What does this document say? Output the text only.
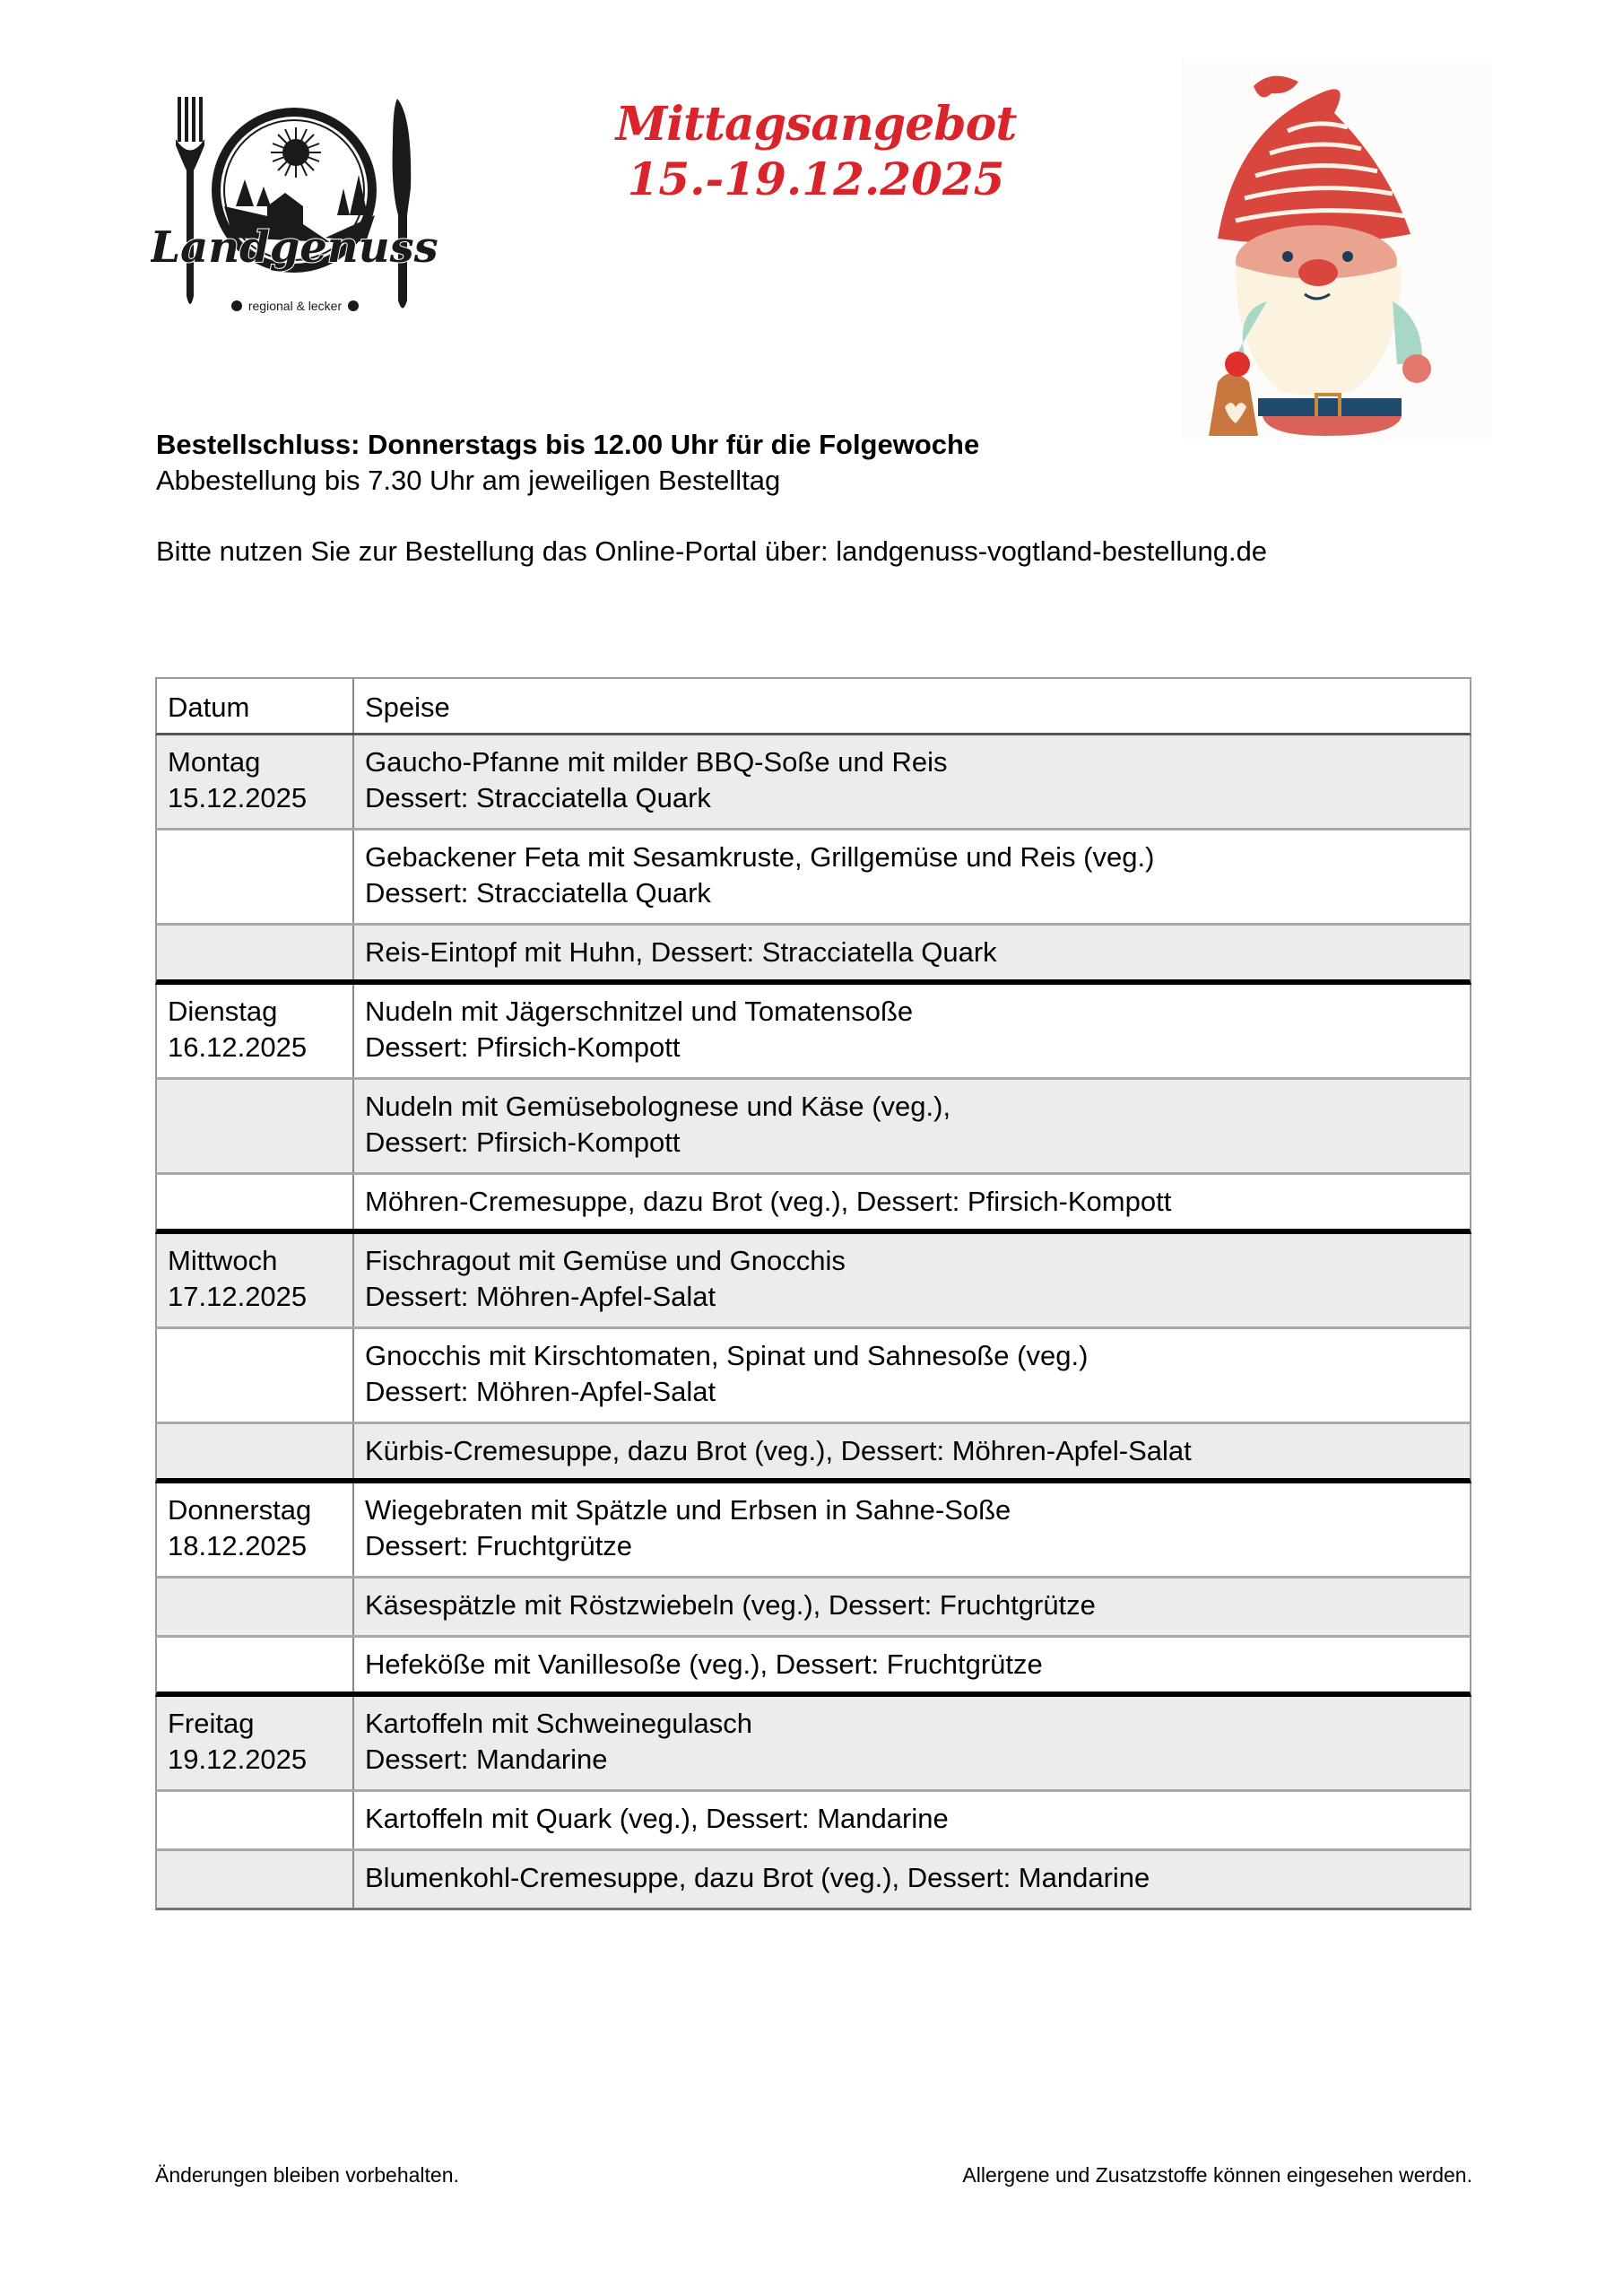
Landgenuss
regional & lecker
Mittagsangebot
15.-19.12.2025
Bestellschluss: Donnerstags bis 12.00 Uhr für die Folgewoche
Abbestellung bis 7.30 Uhr am jeweiligen Bestelltag
Bitte nutzen Sie zur Bestellung das Online-Portal über: landgenuss-vogtland-bestellung.de
Datum	Speise
Montag
15.12.2025
Gaucho-Pfanne mit milder BBQ-Soße und Reis
Dessert: Stracciatella Quark
Gebackener Feta mit Sesamkruste, Grillgemüse und Reis (veg.)
Dessert: Stracciatella Quark
Reis-Eintopf mit Huhn, Dessert: Stracciatella Quark
Dienstag
16.12.2025
Nudeln mit Jägerschnitzel und Tomatensoße
Dessert: Pfirsich-Kompott
Nudeln mit Gemüsebolognese und Käse (veg.),
Dessert: Pfirsich-Kompott
Möhren-Cremesuppe, dazu Brot (veg.), Dessert: Pfirsich-Kompott
Mittwoch
17.12.2025
Fischragout mit Gemüse und Gnocchis
Dessert: Möhren-Apfel-Salat
Gnocchis mit Kirschtomaten, Spinat und Sahnesoße (veg.)
Dessert: Möhren-Apfel-Salat
Kürbis-Cremesuppe, dazu Brot (veg.), Dessert: Möhren-Apfel-Salat
Donnerstag
18.12.2025
Wiegebraten mit Spätzle und Erbsen in Sahne-Soße
Dessert: Fruchtgrütze
Käsespätzle mit Röstzwiebeln (veg.), Dessert: Fruchtgrütze
Hefeköße mit Vanillesoße (veg.), Dessert: Fruchtgrütze
Freitag
19.12.2025
Kartoffeln mit Schweinegulasch
Dessert: Mandarine
Kartoffeln mit Quark (veg.), Dessert: Mandarine
Blumenkohl-Cremesuppe, dazu Brot (veg.), Dessert: Mandarine
Änderungen bleiben vorbehalten.	Allergene und Zusatzstoffe können eingesehen werden.
